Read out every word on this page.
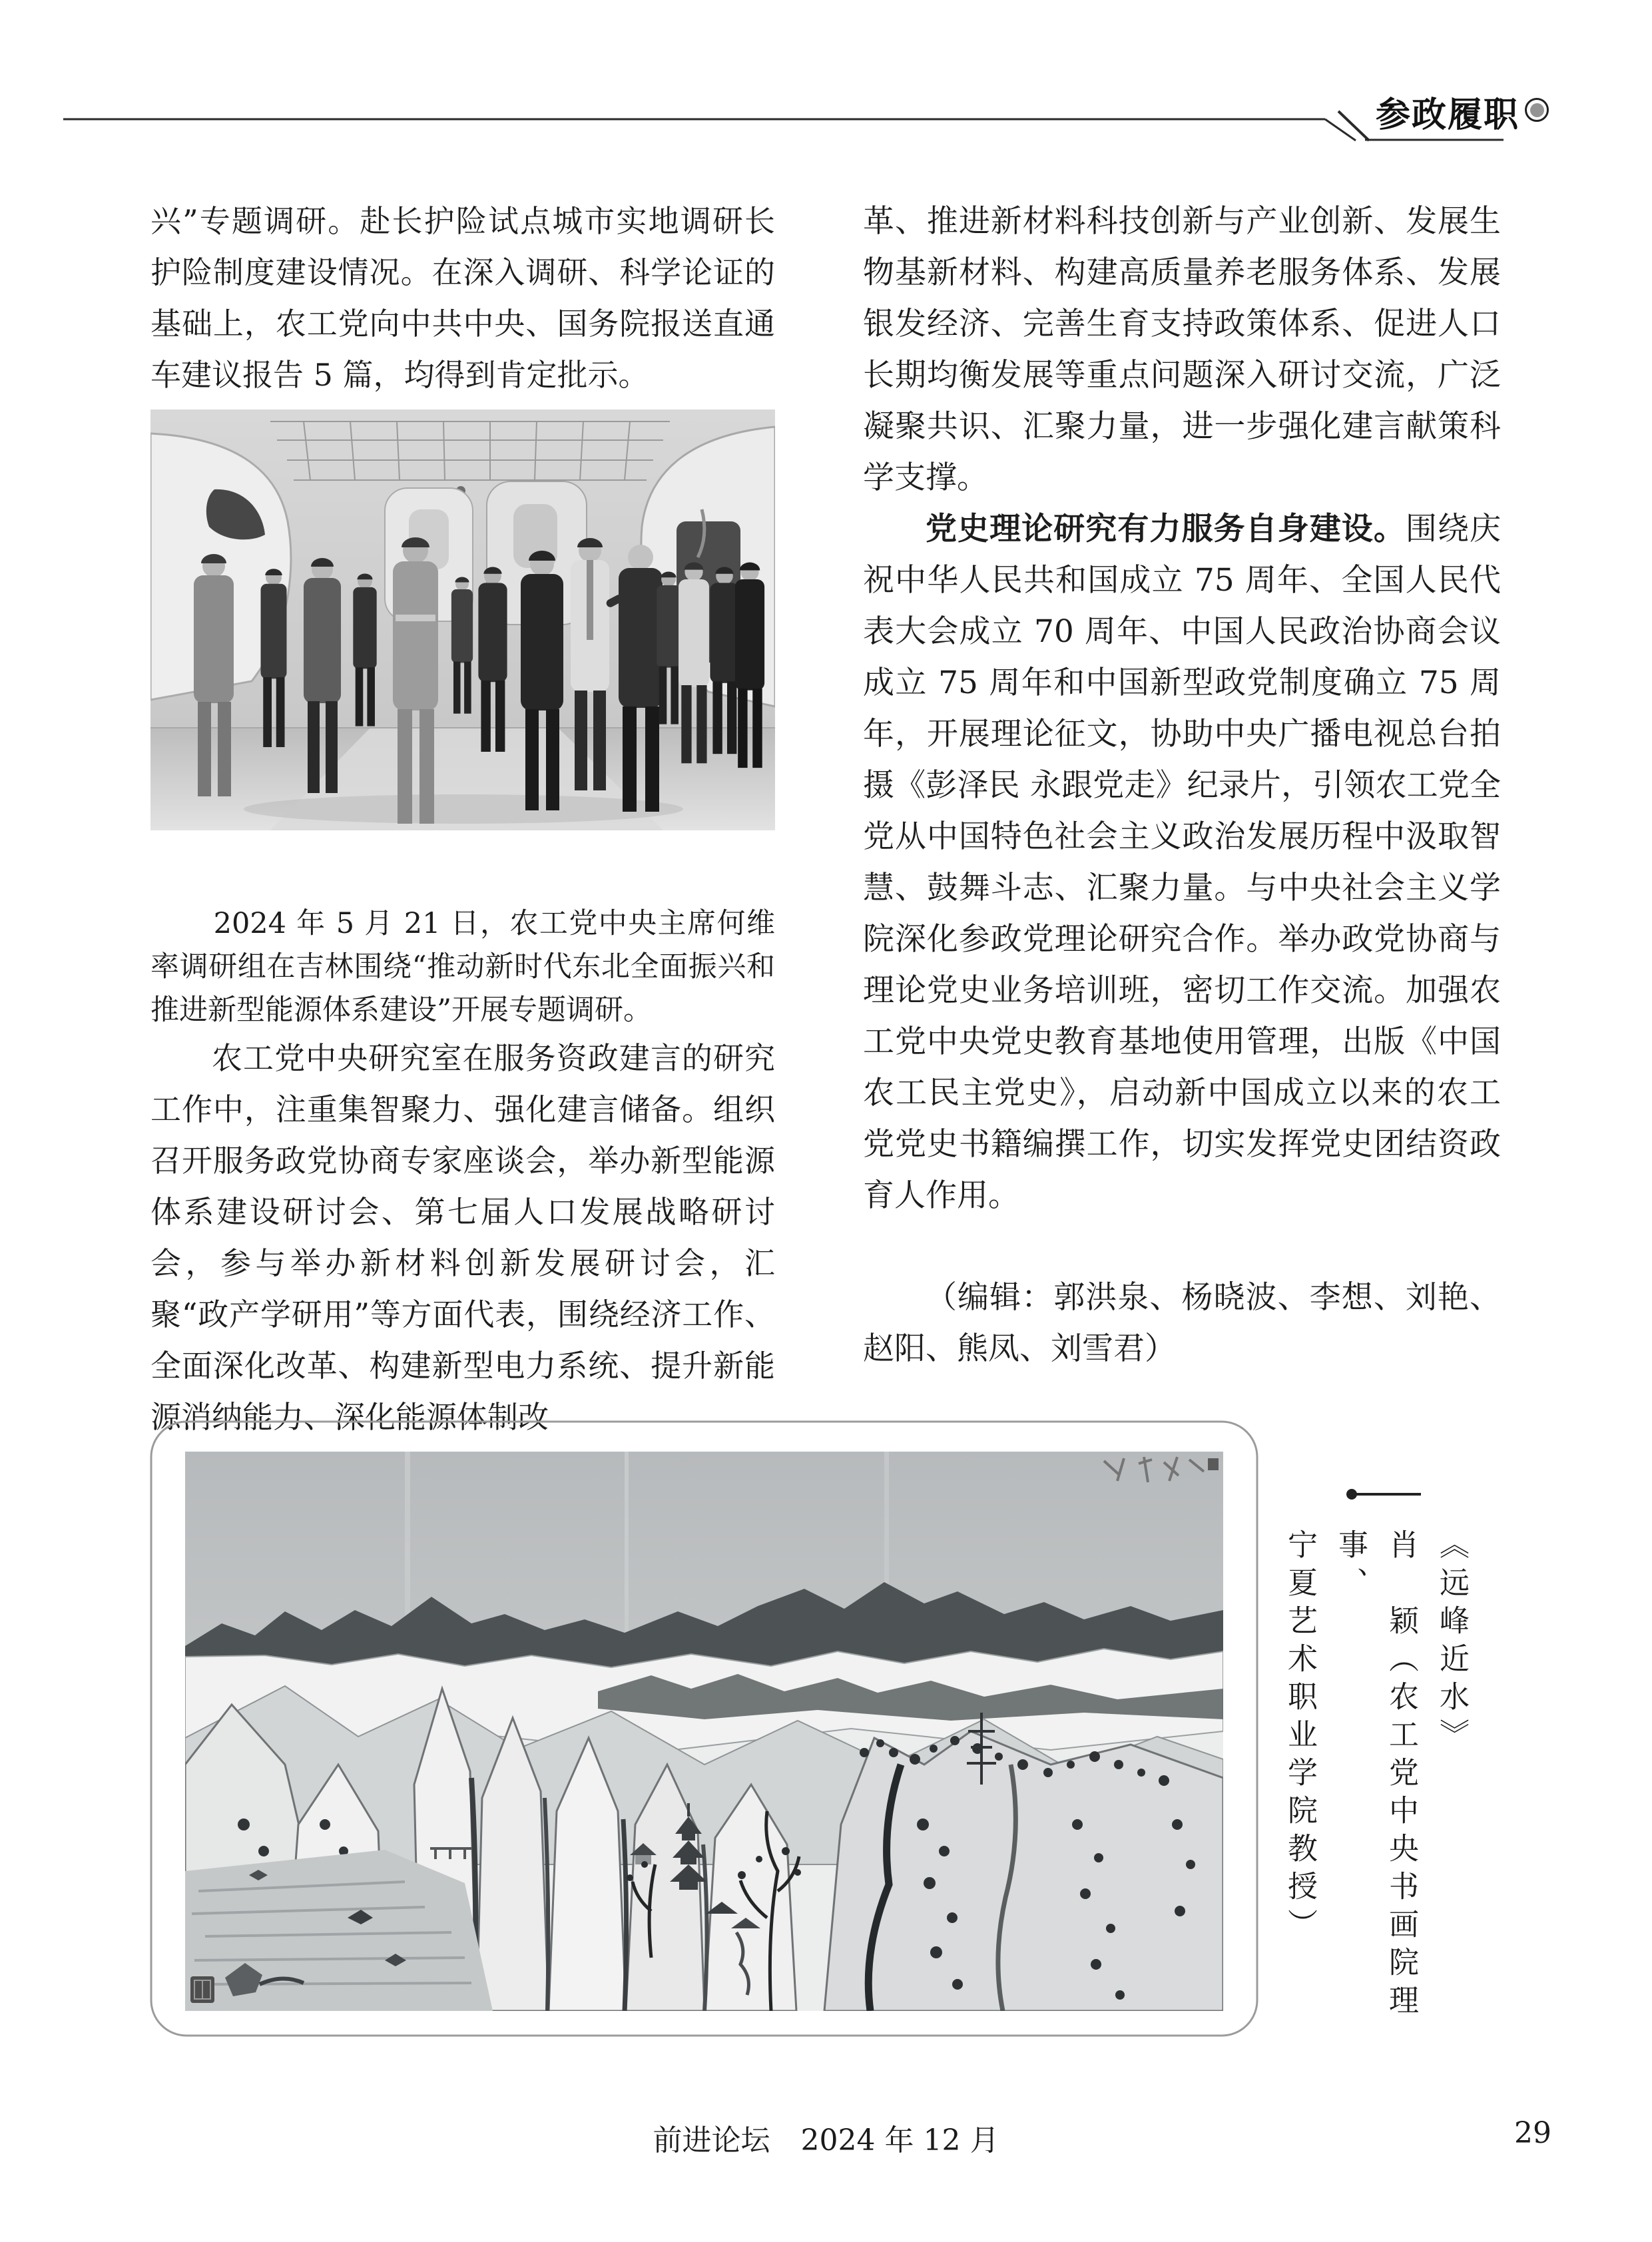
参政履职

兴”专题调研。赴长护险试点城市实地调研长护险制度建设情况。在深入调研、科学论证的基础上，农工党向中共中央、国务院报送直通车建议报告 5 篇，均得到肯定批示。

2024 年 5 月 21 日，农工党中央主席何维率调研组在吉林围绕“推动新时代东北全面振兴和推进新型能源体系建设”开展专题调研。

农工党中央研究室在服务资政建言的研究工作中，注重集智聚力、强化建言储备。组织召开服务政党协商专家座谈会，举办新型能源体系建设研讨会、第七届人口发展战略研讨会，参与举办新材料创新发展研讨会，汇聚“政产学研用”等方面代表，围绕经济工作、全面深化改革、构建新型电力系统、提升新能源消纳能力、深化能源体制改

革、推进新材料科技创新与产业创新、发展生物基新材料、构建高质量养老服务体系、发展银发经济、完善生育支持政策体系、促进人口长期均衡发展等重点问题深入研讨交流，广泛凝聚共识、汇聚力量，进一步强化建言献策科学支撑。

党史理论研究有力服务自身建设。围绕庆祝中华人民共和国成立 75 周年、全国人民代表大会成立 70 周年、中国人民政治协商会议成立 75 周年和中国新型政党制度确立 75 周年，开展理论征文，协助中央广播电视总台拍摄《彭泽民 永跟党走》纪录片，引领农工党全党从中国特色社会主义政治发展历程中汲取智慧、鼓舞斗志、汇聚力量。与中央社会主义学院深化参政党理论研究合作。举办政党协商与理论党史业务培训班，密切工作交流。加强农工党中央党史教育基地使用管理，出版《中国农工民主党史》，启动新中国成立以来的农工党党史书籍编撰工作，切实发挥党史团结资政育人作用。

（编辑：郭洪泉、杨晓波、李想、刘艳、赵阳、熊凤、刘雪君）

《远峰近水》
肖　颖（农工党中央书画院理事、
宁夏艺术职业学院教授）
前进论坛 2024 年 12 月	29
